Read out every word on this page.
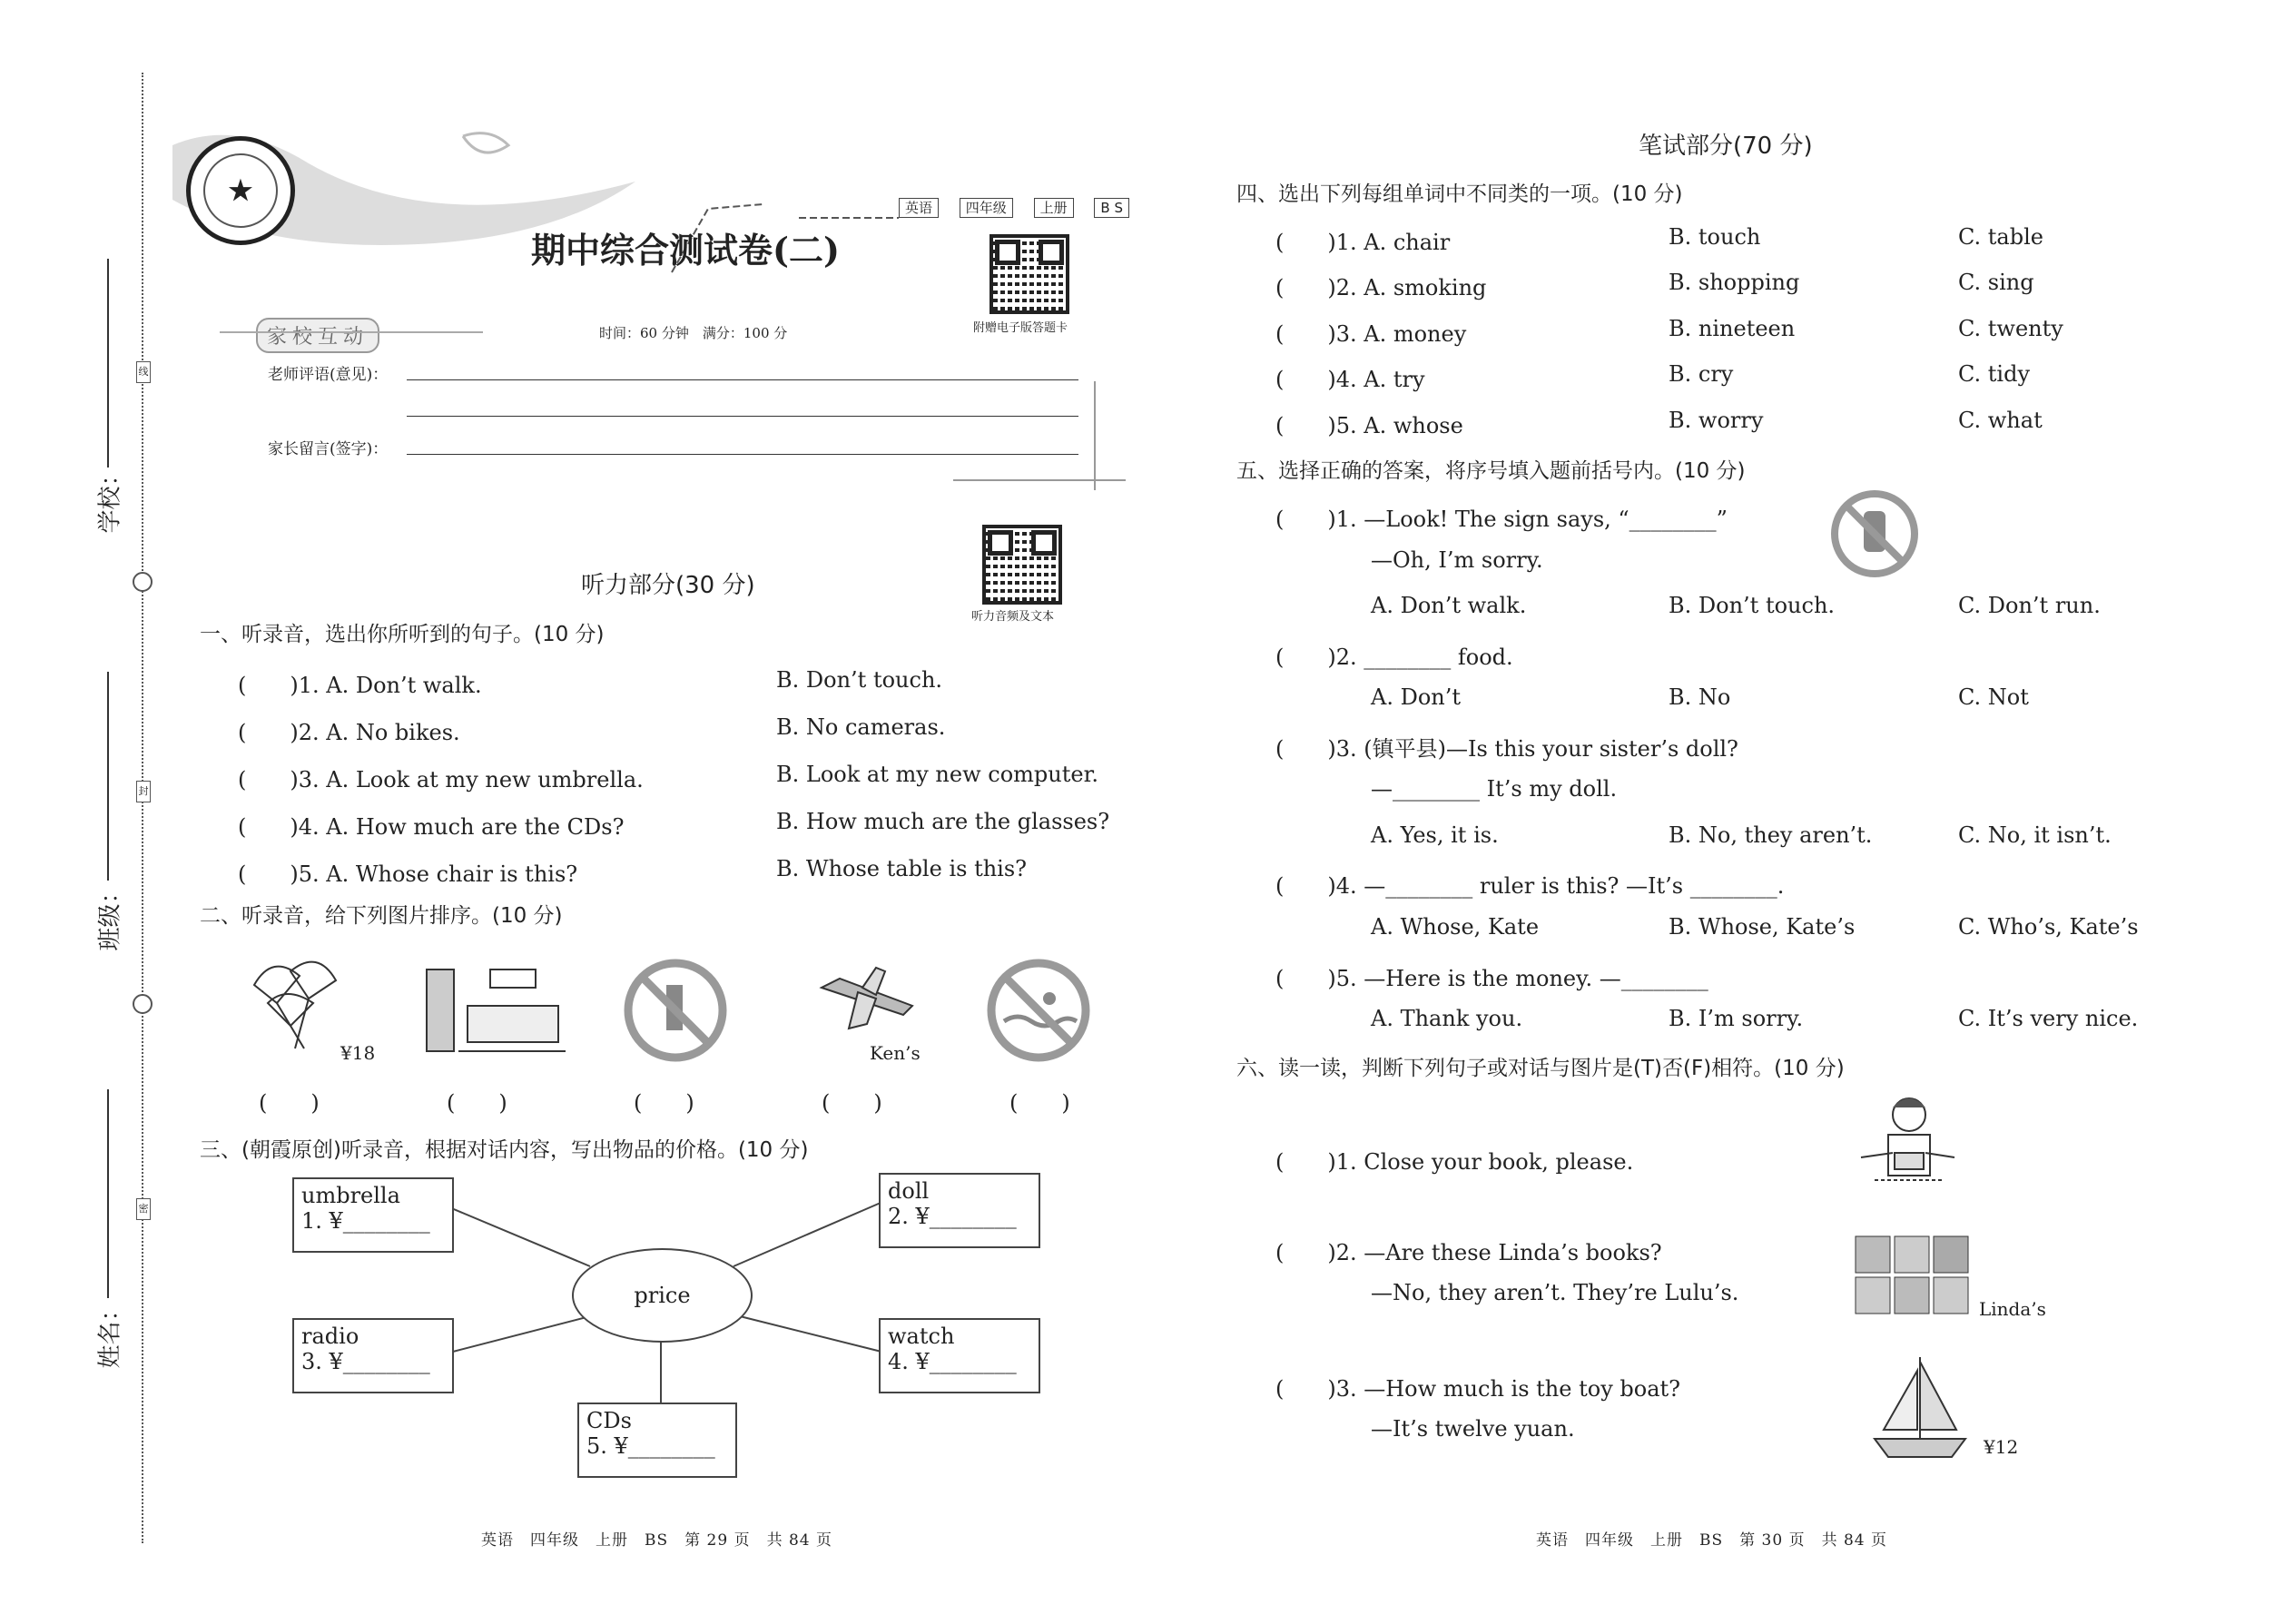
线
封
密
学校：
班级：
姓名：
★
英语 四年级 上册 B S
期中综合测试卷(二)
附赠电子版答题卡
家校互动	时间：60 分钟　满分：100 分
老师评语(意见)：
家长留言(签字)：
听力音频及文本
听力部分(30 分)
一、听录音，选出你所听到的句子。(10 分)
(　　)1. A. Don’t walk.	B. Don’t touch.
(　　)2. A. No bikes.	B. No cameras.
(　　)3. A. Look at my new umbrella.	B. Look at my new computer.
(　　)4. A. How much are the CDs?	B. How much are the glasses?
(　　)5. A. Whose chair is this?	B. Whose table is this?
二、听录音，给下列图片排序。(10 分)
¥18	Ken’s
(　　)	(　　)	(　　)	(　　)	(　　)
三、(朝霞原创)听录音，根据对话内容，写出物品的价格。(10 分)
price
umbrella
1. ¥________
doll
2. ¥________
radio
3. ¥________
watch
4. ¥________
CDs
5. ¥________
英语　四年级　上册　BS　第 29 页　共 84 页
笔试部分(70 分)
四、选出下列每组单词中不同类的一项。(10 分)
(　　)1. A. chair	B. touch	C. table
(　　)2. A. smoking	B. shopping	C. sing
(　　)3. A. money	B. nineteen	C. twenty
(　　)4. A. try	B. cry	C. tidy
(　　)5. A. whose	B. worry	C. what
五、选择正确的答案，将序号填入题前括号内。(10 分)
(　　)1. —Look! The sign says, “________”
—Oh, I’m sorry.
A. Don’t walk.	B. Don’t touch.	C. Don’t run.
(　　)2. ________ food.
A. Don’t	B. No	C. Not
(　　)3. (镇平县)—Is this your sister’s doll?
—________ It’s my doll.
A. Yes, it is.	B. No, they aren’t.	C. No, it isn’t.
(　　)4. —________ ruler is this? —It’s ________.
A. Whose, Kate	B. Whose, Kate’s	C. Who’s, Kate’s
(　　)5. —Here is the money. —________
A. Thank you.	B. I’m sorry.	C. It’s very nice.
六、读一读，判断下列句子或对话与图片是(T)否(F)相符。(10 分)
(　　)1. Close your book, please.
(　　)2. —Are these Linda’s books?
—No, they aren’t. They’re Lulu’s.
Linda’s
(　　)3. —How much is the toy boat?
—It’s twelve yuan.
¥12
英语　四年级　上册　BS　第 30 页　共 84 页
